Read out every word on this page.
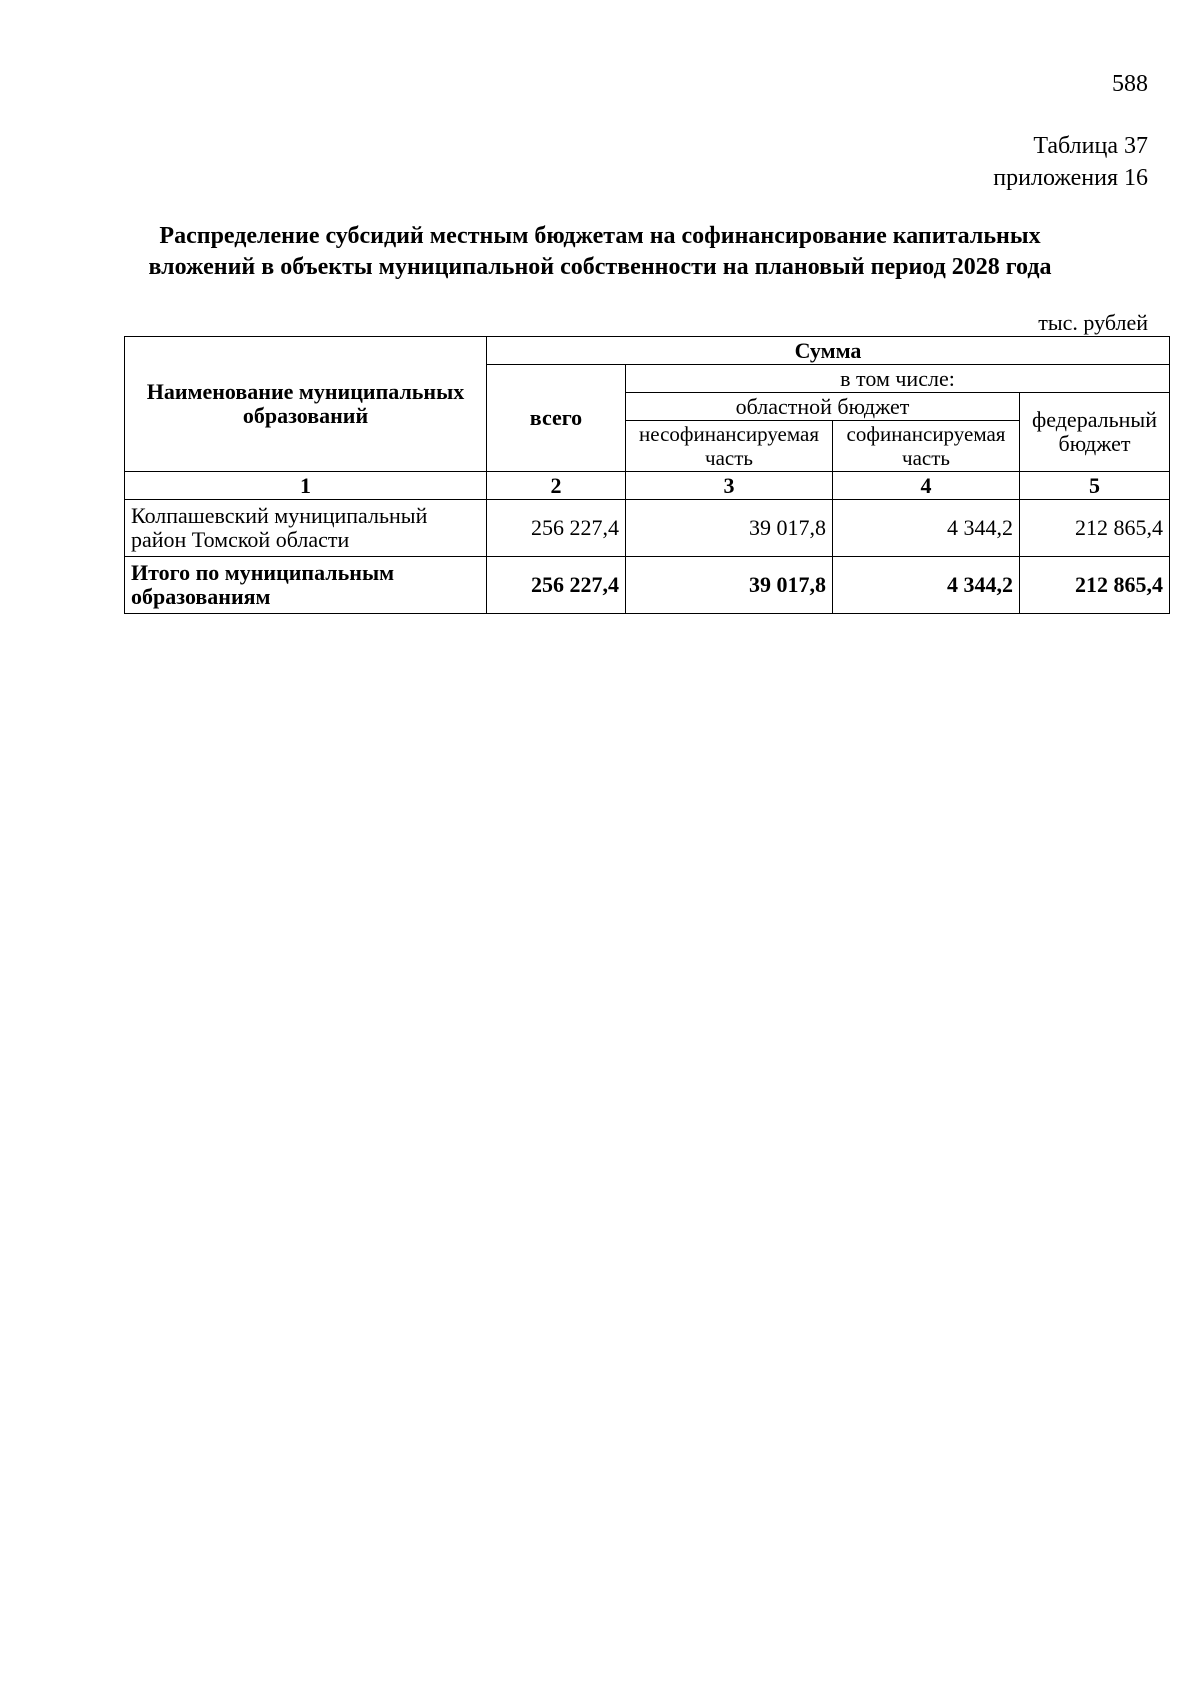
588
Таблица 37
приложения 16
Распределение субсидий местным бюджетам на софинансирование капитальных
вложений в объекты муниципальной собственности на плановый период 2028 года
тыс. рублей
Наименование муниципальных образований	Сумма			
	всего	в том числе:		
		областной бюджет		федеральный бюджет
		несофинансируемая часть	софинансируемая часть	
1	2	3	4	5
Колпашевский муниципальный район Томской области	256 227,4	39 017,8	4 344,2	212 865,4
Итого по муниципальным образованиям	256 227,4	39 017,8	4 344,2	212 865,4
